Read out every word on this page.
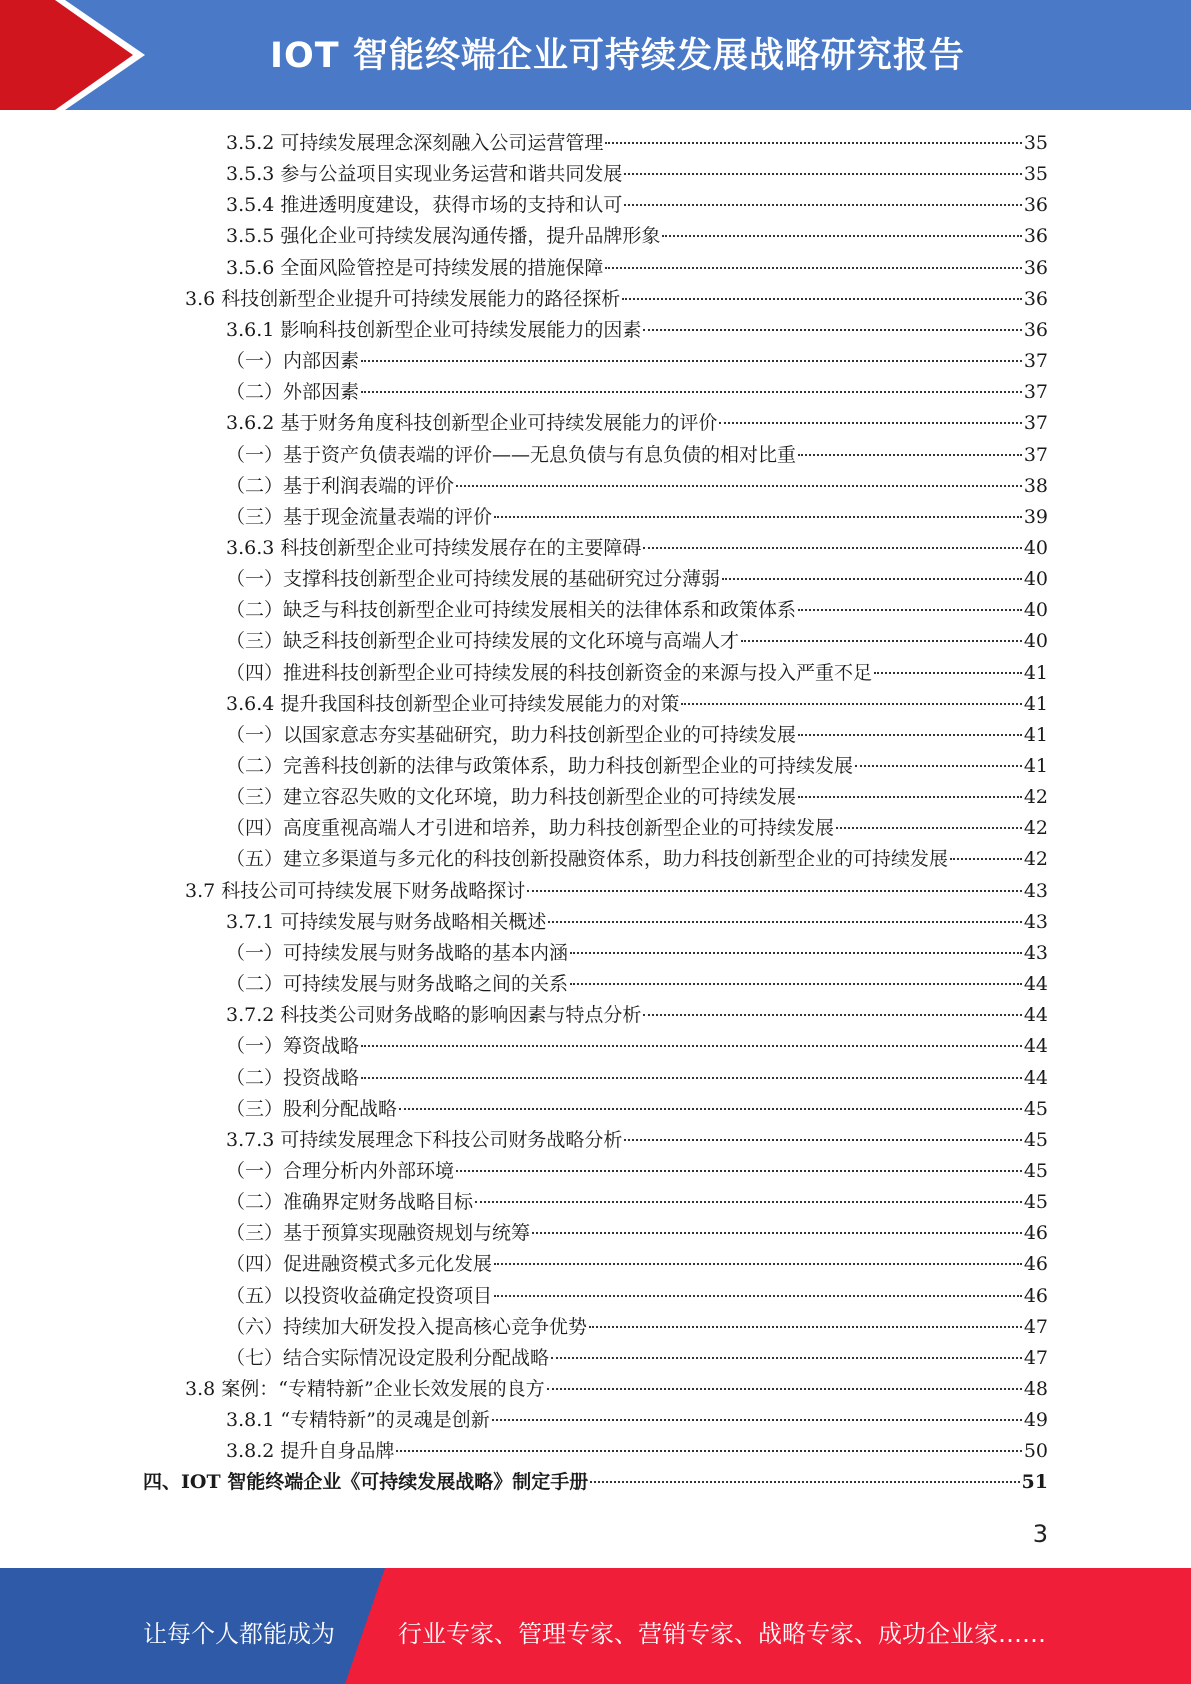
IOT 智能终端企业可持续发展战略研究报告
3.5.2 可持续发展理念深刻融入公司运营管理	35
3.5.3 参与公益项目实现业务运营和谐共同发展	35
3.5.4 推进透明度建设，获得市场的支持和认可	36
3.5.5 强化企业可持续发展沟通传播，提升品牌形象	36
3.5.6 全面风险管控是可持续发展的措施保障	36
3.6 科技创新型企业提升可持续发展能力的路径探析	36
3.6.1 影响科技创新型企业可持续发展能力的因素	36
（一）内部因素	37
（二）外部因素	37
3.6.2 基于财务角度科技创新型企业可持续发展能力的评价	37
（一）基于资产负债表端的评价——无息负债与有息负债的相对比重	37
（二）基于利润表端的评价	38
（三）基于现金流量表端的评价	39
3.6.3 科技创新型企业可持续发展存在的主要障碍	40
（一）支撑科技创新型企业可持续发展的基础研究过分薄弱	40
（二）缺乏与科技创新型企业可持续发展相关的法律体系和政策体系	40
（三）缺乏科技创新型企业可持续发展的文化环境与高端人才	40
（四）推进科技创新型企业可持续发展的科技创新资金的来源与投入严重不足	41
3.6.4 提升我国科技创新型企业可持续发展能力的对策	41
（一）以国家意志夯实基础研究，助力科技创新型企业的可持续发展	41
（二）完善科技创新的法律与政策体系，助力科技创新型企业的可持续发展	41
（三）建立容忍失败的文化环境，助力科技创新型企业的可持续发展	42
（四）高度重视高端人才引进和培养，助力科技创新型企业的可持续发展	42
（五）建立多渠道与多元化的科技创新投融资体系，助力科技创新型企业的可持续发展	42
3.7 科技公司可持续发展下财务战略探讨	43
3.7.1 可持续发展与财务战略相关概述	43
（一）可持续发展与财务战略的基本内涵	43
（二）可持续发展与财务战略之间的关系	44
3.7.2 科技类公司财务战略的影响因素与特点分析	44
（一）筹资战略	44
（二）投资战略	44
（三）股利分配战略	45
3.7.3 可持续发展理念下科技公司财务战略分析	45
（一）合理分析内外部环境	45
（二）准确界定财务战略目标	45
（三）基于预算实现融资规划与统筹	46
（四）促进融资模式多元化发展	46
（五）以投资收益确定投资项目	46
（六）持续加大研发投入提高核心竞争优势	47
（七）结合实际情况设定股利分配战略	47
3.8 案例：“专精特新”企业长效发展的良方	48
3.8.1 “专精特新”的灵魂是创新	49
3.8.2 提升自身品牌	50
四、IOT 智能终端企业《可持续发展战略》制定手册	51
3
让每个人都能成为	行业专家、管理专家、营销专家、战略专家、成功企业家……
